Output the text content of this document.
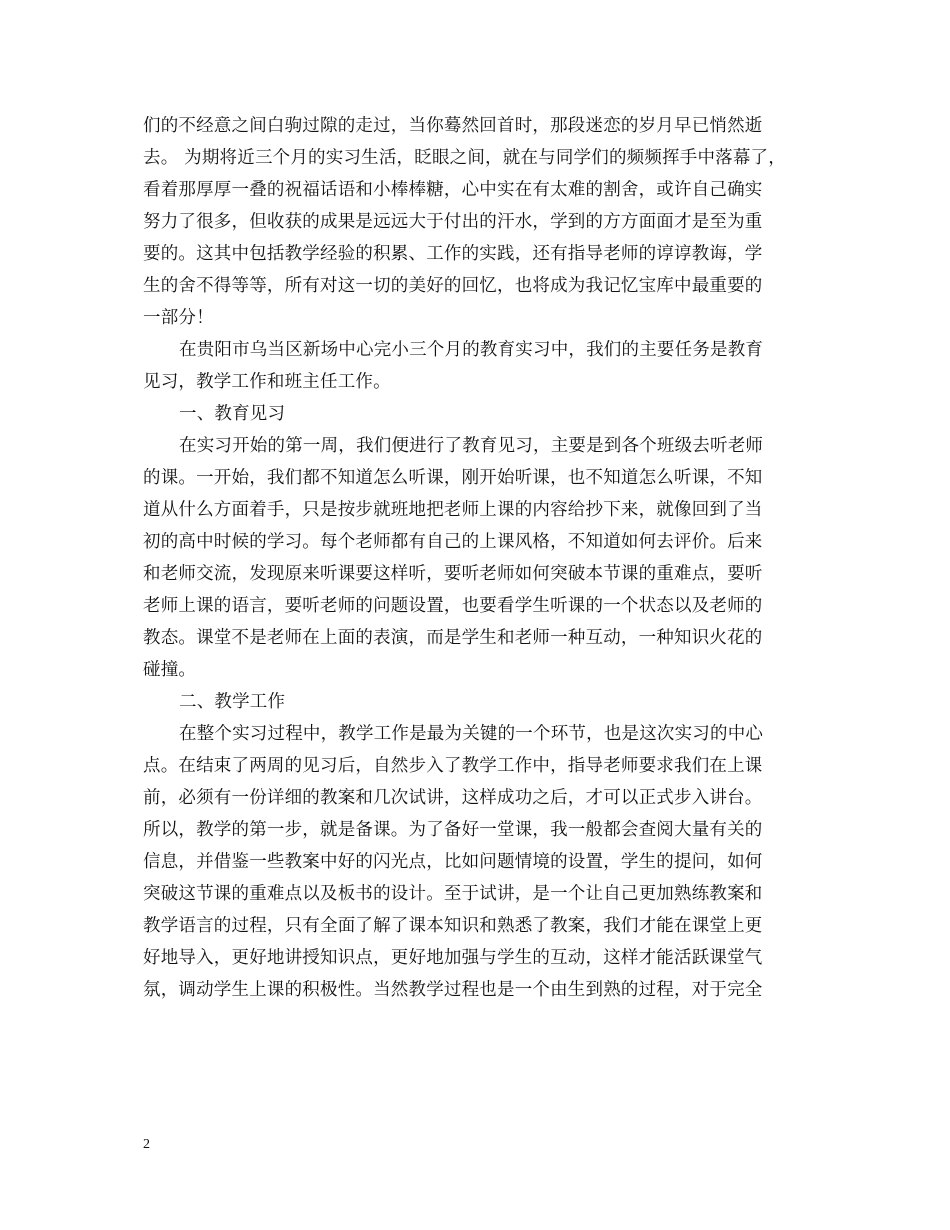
们的不经意之间白驹过隙的走过，当你蓦然回首时，那段迷恋的岁月早已悄然逝
去。 为期将近三个月的实习生活，眨眼之间，就在与同学们的频频挥手中落幕了，
看着那厚厚一叠的祝福话语和小棒棒糖，心中实在有太难的割舍，或许自己确实
努力了很多，但收获的成果是远远大于付出的汗水，学到的方方面面才是至为重
要的。这其中包括教学经验的积累、工作的实践，还有指导老师的谆谆教诲，学
生的舍不得等等，所有对这一切的美好的回忆，也将成为我记忆宝库中最重要的
一部分！
在贵阳市乌当区新场中心完小三个月的教育实习中，我们的主要任务是教育
见习，教学工作和班主任工作。
一、教育见习
在实习开始的第一周，我们便进行了教育见习，主要是到各个班级去听老师
的课。一开始，我们都不知道怎么听课，刚开始听课，也不知道怎么听课，不知
道从什么方面着手，只是按步就班地把老师上课的内容给抄下来，就像回到了当
初的高中时候的学习。每个老师都有自己的上课风格，不知道如何去评价。后来
和老师交流，发现原来听课要这样听，要听老师如何突破本节课的重难点，要听
老师上课的语言，要听老师的问题设置，也要看学生听课的一个状态以及老师的
教态。课堂不是老师在上面的表演，而是学生和老师一种互动，一种知识火花的
碰撞。
二、教学工作
在整个实习过程中，教学工作是最为关键的一个环节，也是这次实习的中心
点。在结束了两周的见习后，自然步入了教学工作中，指导老师要求我们在上课
前，必须有一份详细的教案和几次试讲，这样成功之后，才可以正式步入讲台。
所以，教学的第一步，就是备课。为了备好一堂课，我一般都会查阅大量有关的
信息，并借鉴一些教案中好的闪光点，比如问题情境的设置，学生的提问，如何
突破这节课的重难点以及板书的设计。至于试讲，是一个让自己更加熟练教案和
教学语言的过程，只有全面了解了课本知识和熟悉了教案，我们才能在课堂上更
好地导入，更好地讲授知识点，更好地加强与学生的互动，这样才能活跃课堂气
氛，调动学生上课的积极性。当然教学过程也是一个由生到熟的过程，对于完全
2
